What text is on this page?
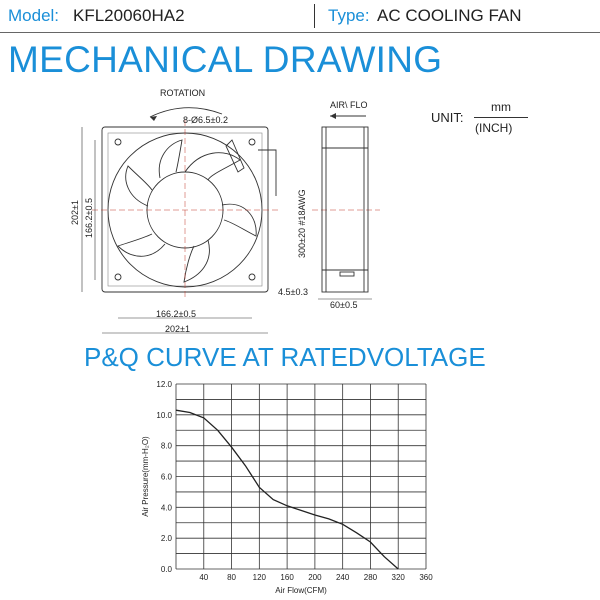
Model: KFL20060HA2	Type: AC COOLING FAN
MECHANICAL DRAWING
UNIT:
mm
(INCH)
ROTATION
8-Ø6.5±0.2
AIR\ FLO
202±1 166.2±0.5	300±20 #18AWG
166.2±0.5
202±1
4.5±0.3
60±0.5
P&Q CURVE AT RATEDVOLTAGE
40 80 120 160 200 240 280 320 360
0.0
2.0
4.0
6.0
8.0
10.0
12.0
Air Flow(CFM)
Air Pressure(mm-H₂O)
